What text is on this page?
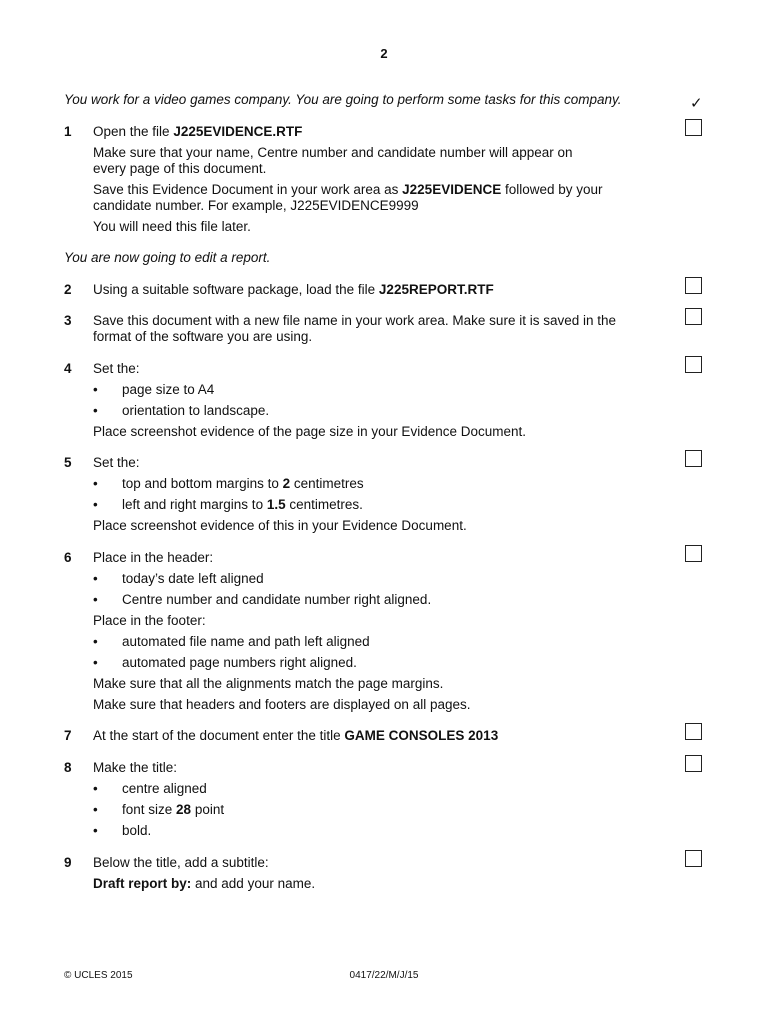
2
✓
You work for a video games company. You are going to perform some tasks for this company.
1 Open the file J225EVIDENCE.RTF

Make sure that your name, Centre number and candidate number will appear on

every page of this document.

Save this Evidence Document in your work area as J225EVIDENCE followed by your

candidate number. For example, J225EVIDENCE9999

You will need this file later.

You are now going to edit a report.
2 Using a suitable software package, load the file J225REPORT.RTF

3 Save this document with a new file name in your work area. Make sure it is saved in the

format of the software you are using.

4 Set the:

• page size to A4
• orientation to landscape.

Place screenshot evidence of the page size in your Evidence Document.

5 Set the:

• top and bottom margins to 2 centimetres
• left and right margins to 1.5 centimetres.

Place screenshot evidence of this in your Evidence Document.

6 Place in the header:

• today’s date left aligned
• Centre number and candidate number right aligned.

Place in the footer:

• automated file name and path left aligned
• automated page numbers right aligned.

Make sure that all the alignments match the page margins.

Make sure that headers and footers are displayed on all pages.

7 At the start of the document enter the title GAME CONSOLES 2013

8 Make the title:

• centre aligned
• font size 28 point
• bold.
9 Below the title, add a subtitle:

Draft report by: and add your name.

© UCLES 2015	0417/22/M/J/15
